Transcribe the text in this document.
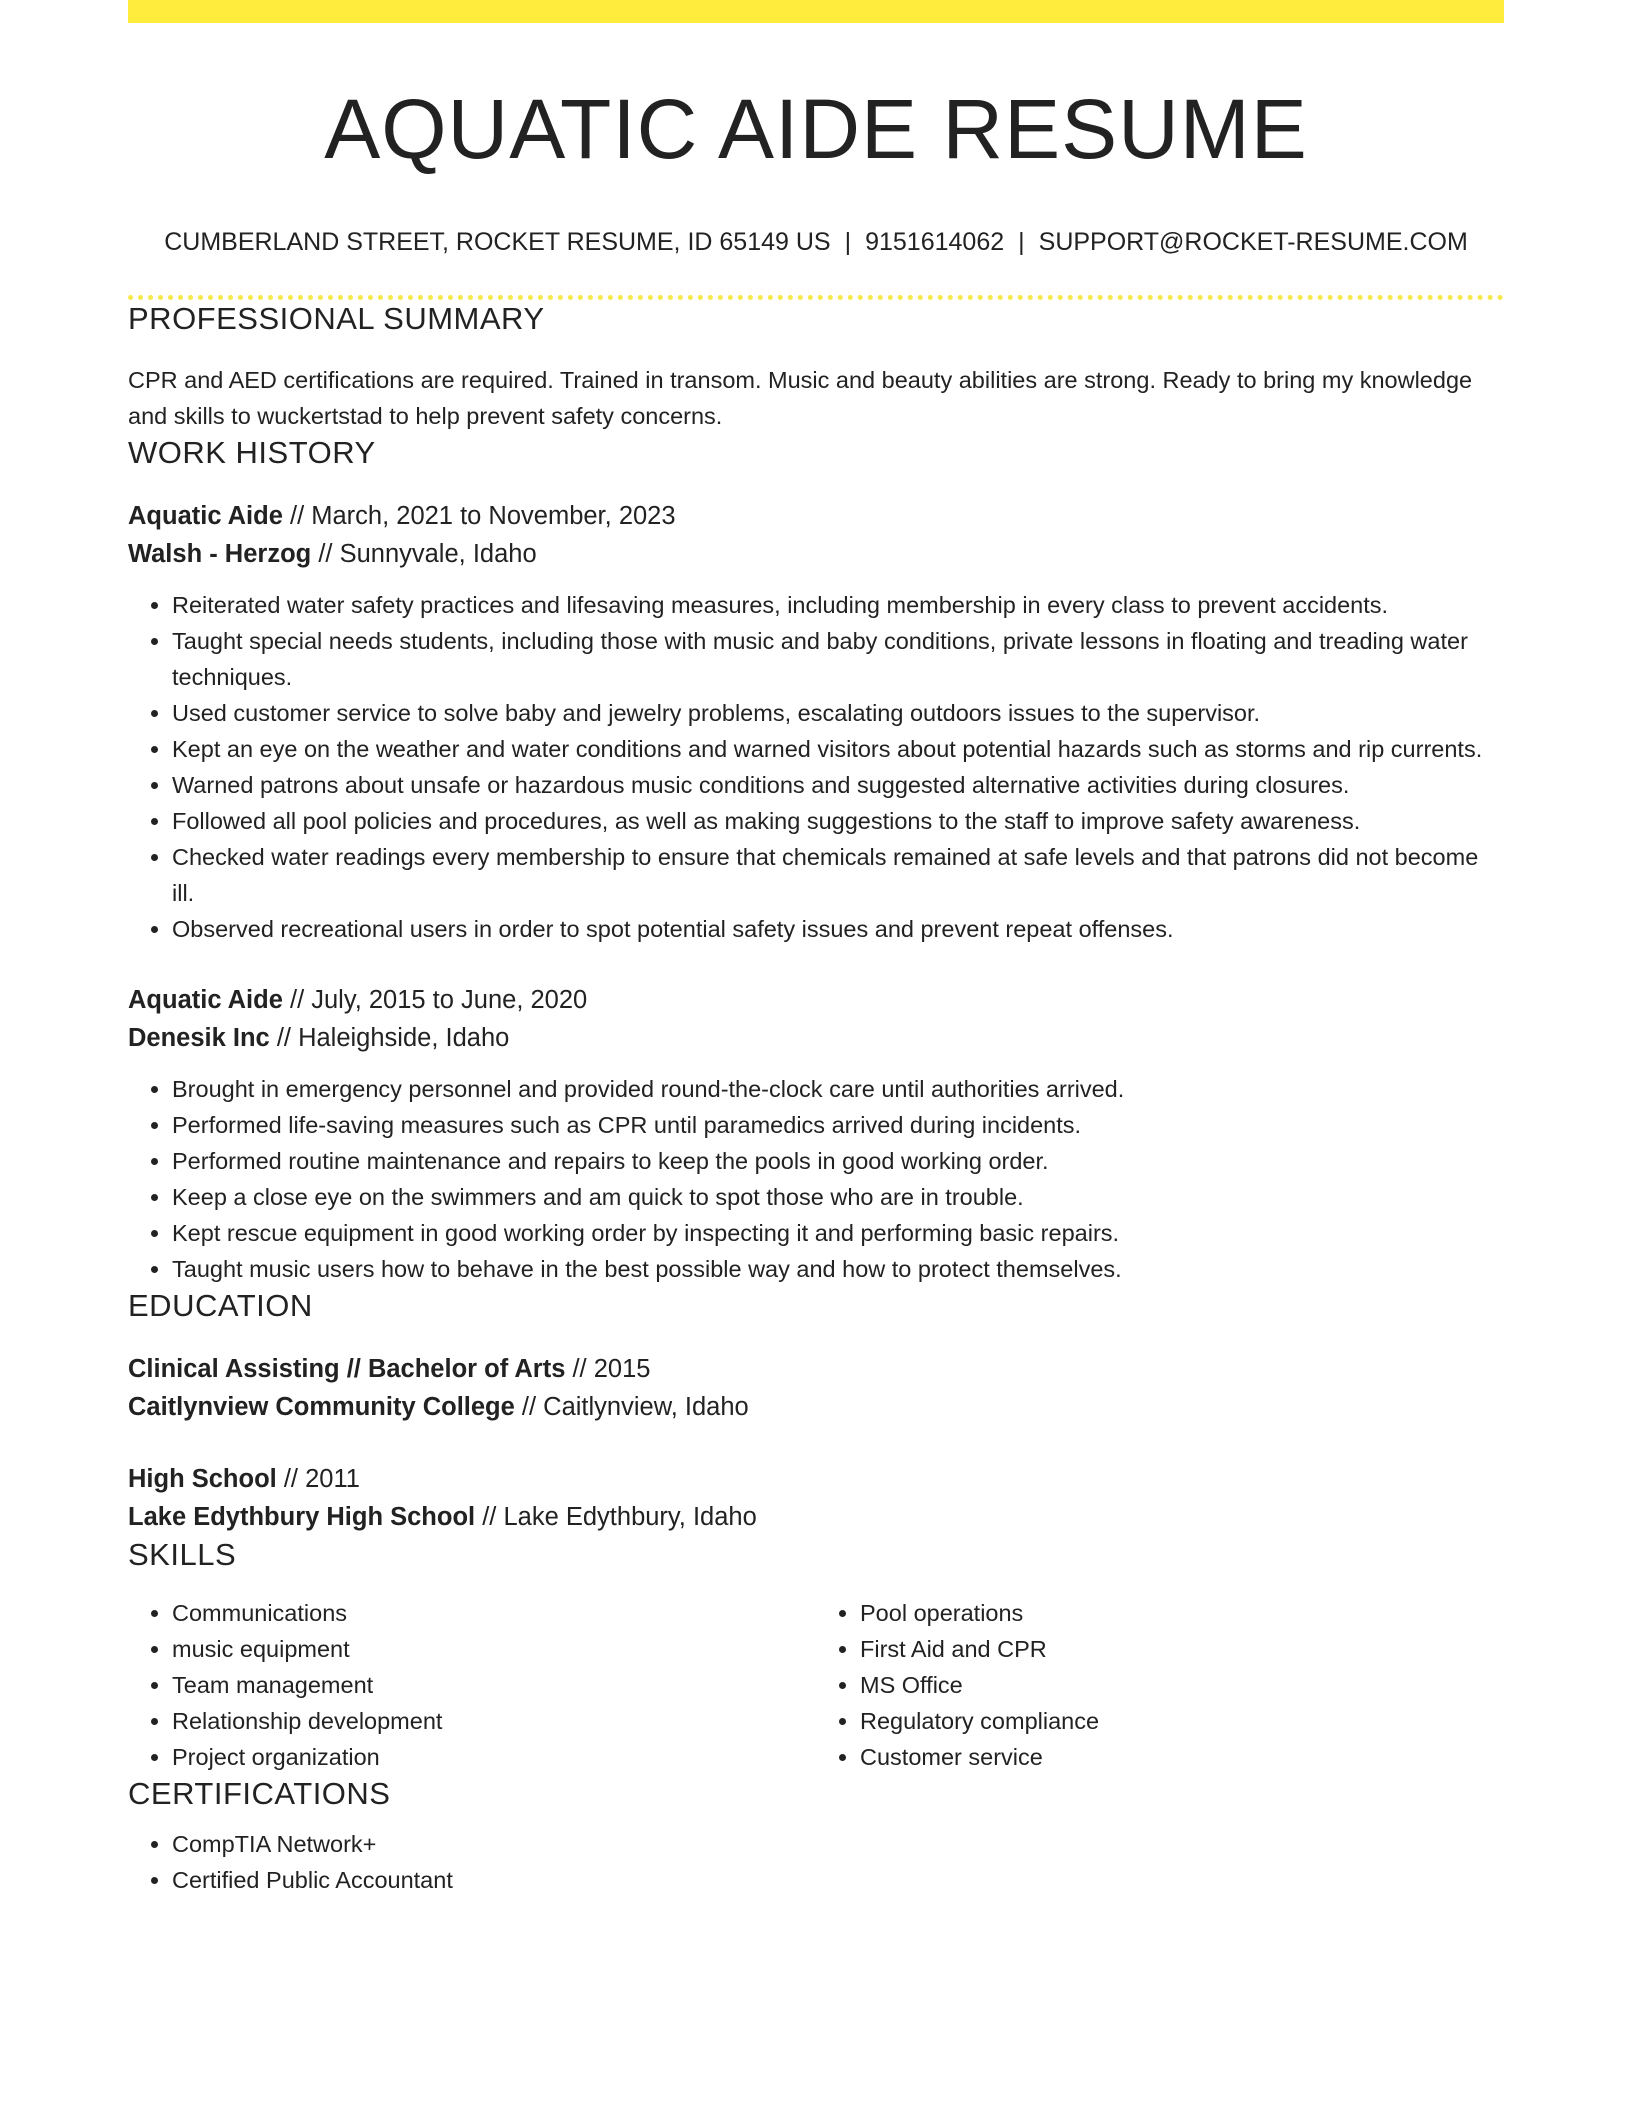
AQUATIC AIDE RESUME
CUMBERLAND STREET, ROCKET RESUME, ID 65149 US | 9151614062 | SUPPORT@ROCKET-RESUME.COM
PROFESSIONAL SUMMARY
CPR and AED certifications are required. Trained in transom. Music and beauty abilities are strong. Ready to bring my knowledge and skills to wuckertstad to help prevent safety concerns.
WORK HISTORY
Aquatic Aide // March, 2021 to November, 2023
Walsh - Herzog // Sunnyvale, Idaho
• Reiterated water safety practices and lifesaving measures, including membership in every class to prevent accidents.
• Taught special needs students, including those with music and baby conditions, private lessons in floating and treading water techniques.
• Used customer service to solve baby and jewelry problems, escalating outdoors issues to the supervisor.
• Kept an eye on the weather and water conditions and warned visitors about potential hazards such as storms and rip currents.
• Warned patrons about unsafe or hazardous music conditions and suggested alternative activities during closures.
• Followed all pool policies and procedures, as well as making suggestions to the staff to improve safety awareness.
• Checked water readings every membership to ensure that chemicals remained at safe levels and that patrons did not become ill.
• Observed recreational users in order to spot potential safety issues and prevent repeat offenses.
Aquatic Aide // July, 2015 to June, 2020
Denesik Inc // Haleighside, Idaho
• Brought in emergency personnel and provided round-the-clock care until authorities arrived.
• Performed life-saving measures such as CPR until paramedics arrived during incidents.
• Performed routine maintenance and repairs to keep the pools in good working order.
• Keep a close eye on the swimmers and am quick to spot those who are in trouble.
• Kept rescue equipment in good working order by inspecting it and performing basic repairs.
• Taught music users how to behave in the best possible way and how to protect themselves.
EDUCATION
Clinical Assisting // Bachelor of Arts // 2015
Caitlynview Community College // Caitlynview, Idaho
High School // 2011
Lake Edythbury High School // Lake Edythbury, Idaho
SKILLS
• Communications
• music equipment
• Team management
• Relationship development
• Project organization
• Pool operations
• First Aid and CPR
• MS Office
• Regulatory compliance
• Customer service
CERTIFICATIONS
• CompTIA Network+
• Certified Public Accountant
